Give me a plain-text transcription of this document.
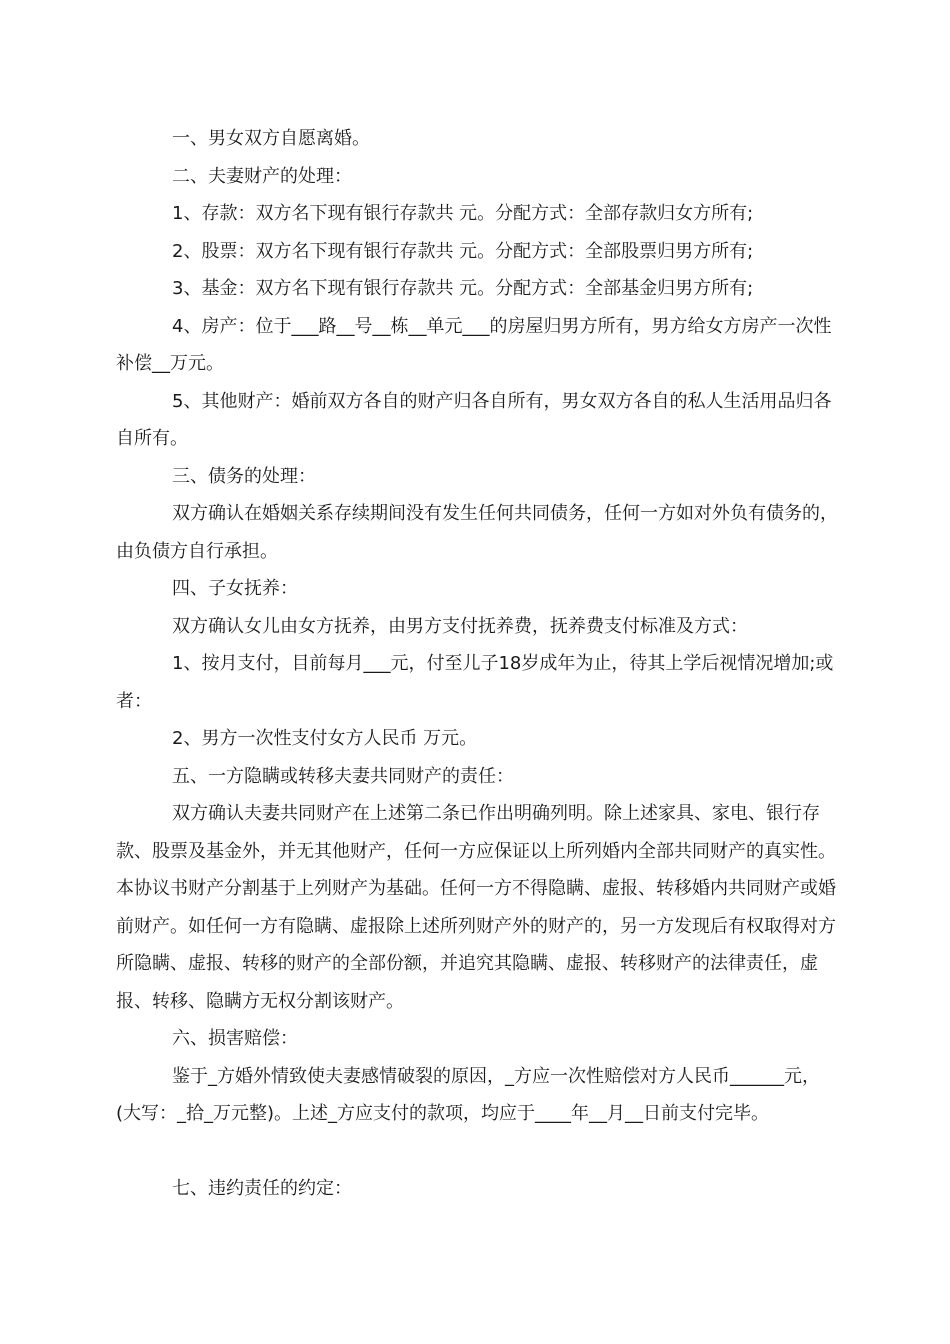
一、男女双方自愿离婚。

二、夫妻财产的处理：

1、存款：双方名下现有银行存款共 元。分配方式：全部存款归女方所有;

2、股票：双方名下现有银行存款共 元。分配方式：全部股票归男方所有;

3、基金：双方名下现有银行存款共 元。分配方式：全部基金归男方所有;

4、房产：位于___路__号__栋__单元___的房屋归男方所有，男方给女方房产一次性补偿__万元。

5、其他财产：婚前双方各自的财产归各自所有，男女双方各自的私人生活用品归各自所有。

三、债务的处理：

双方确认在婚姻关系存续期间没有发生任何共同债务，任何一方如对外负有债务的，由负债方自行承担。

四、子女抚养：

双方确认女儿由女方抚养，由男方支付抚养费，抚养费支付标准及方式：

1、按月支付，目前每月___元，付至儿子18岁成年为止，待其上学后视情况增加;或者：

2、男方一次性支付女方人民币 万元。

五、一方隐瞒或转移夫妻共同财产的责任：

双方确认夫妻共同财产在上述第二条已作出明确列明。除上述家具、家电、银行存款、股票及基金外，并无其他财产，任何一方应保证以上所列婚内全部共同财产的真实性。本协议书财产分割基于上列财产为基础。任何一方不得隐瞒、虚报、转移婚内共同财产或婚前财产。如任何一方有隐瞒、虚报除上述所列财产外的财产的，另一方发现后有权取得对方所隐瞒、虚报、转移的财产的全部份额，并追究其隐瞒、虚报、转移财产的法律责任，虚报、转移、隐瞒方无权分割该财产。

六、损害赔偿：

鉴于_方婚外情致使夫妻感情破裂的原因，_方应一次性赔偿对方人民币______元，(大写：_拾_万元整)。上述_方应支付的款项，均应于____年__月__日前支付完毕。

七、违约责任的约定：
